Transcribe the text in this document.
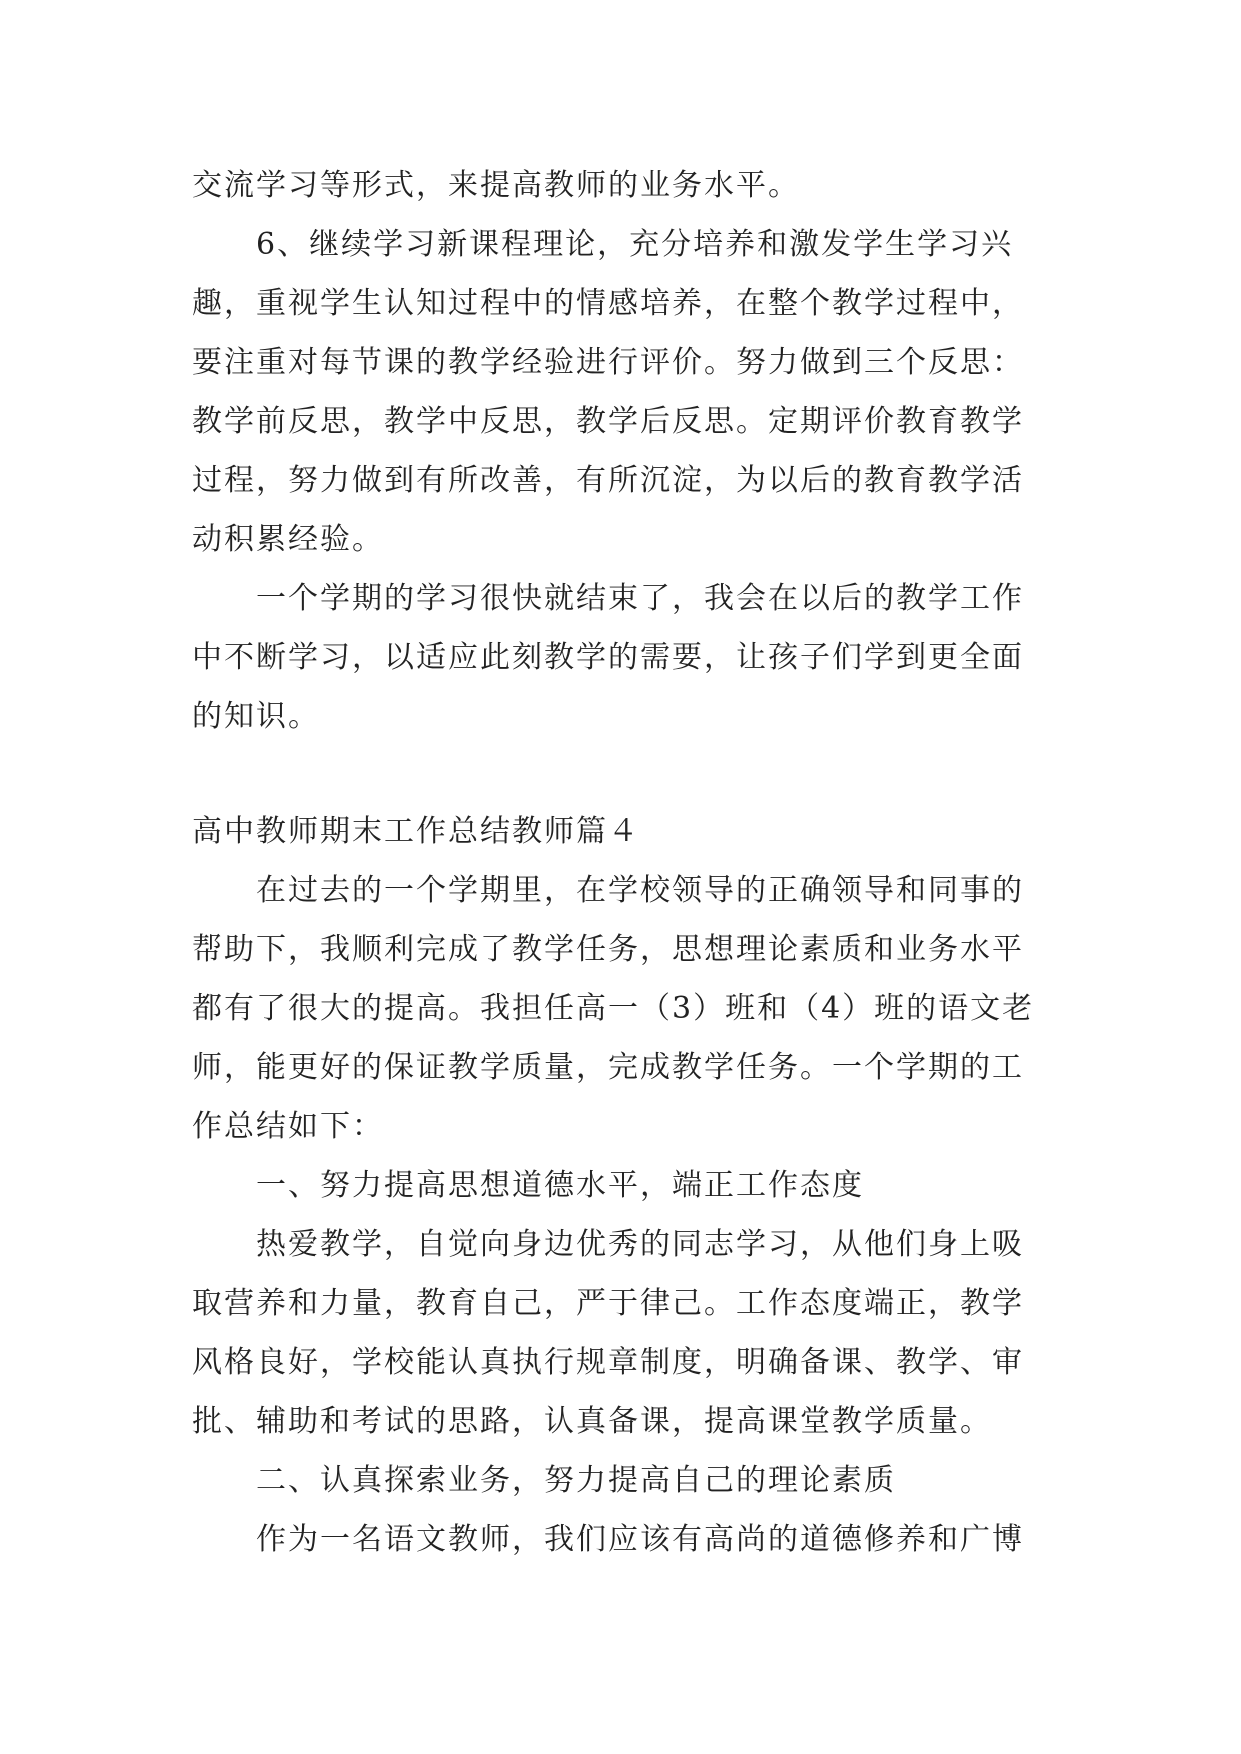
交流学习等形式，来提高教师的业务水平。
6、继续学习新课程理论，充分培养和激发学生学习兴
趣，重视学生认知过程中的情感培养，在整个教学过程中，
要注重对每节课的教学经验进行评价。努力做到三个反思：
教学前反思，教学中反思，教学后反思。定期评价教育教学
过程，努力做到有所改善，有所沉淀，为以后的教育教学活
动积累经验。
一个学期的学习很快就结束了，我会在以后的教学工作
中不断学习，以适应此刻教学的需要，让孩子们学到更全面
的知识。
高中教师期末工作总结教师篇４
在过去的一个学期里，在学校领导的正确领导和同事的
帮助下，我顺利完成了教学任务，思想理论素质和业务水平
都有了很大的提高。我担任高一（3）班和（4）班的语文老
师，能更好的保证教学质量，完成教学任务。一个学期的工
作总结如下：
一、努力提高思想道德水平，端正工作态度
热爱教学，自觉向身边优秀的同志学习，从他们身上吸
取营养和力量，教育自己，严于律己。工作态度端正，教学
风格良好，学校能认真执行规章制度，明确备课、教学、审
批、辅助和考试的思路，认真备课，提高课堂教学质量。
二、认真探索业务，努力提高自己的理论素质
作为一名语文教师，我们应该有高尚的道德修养和广博
